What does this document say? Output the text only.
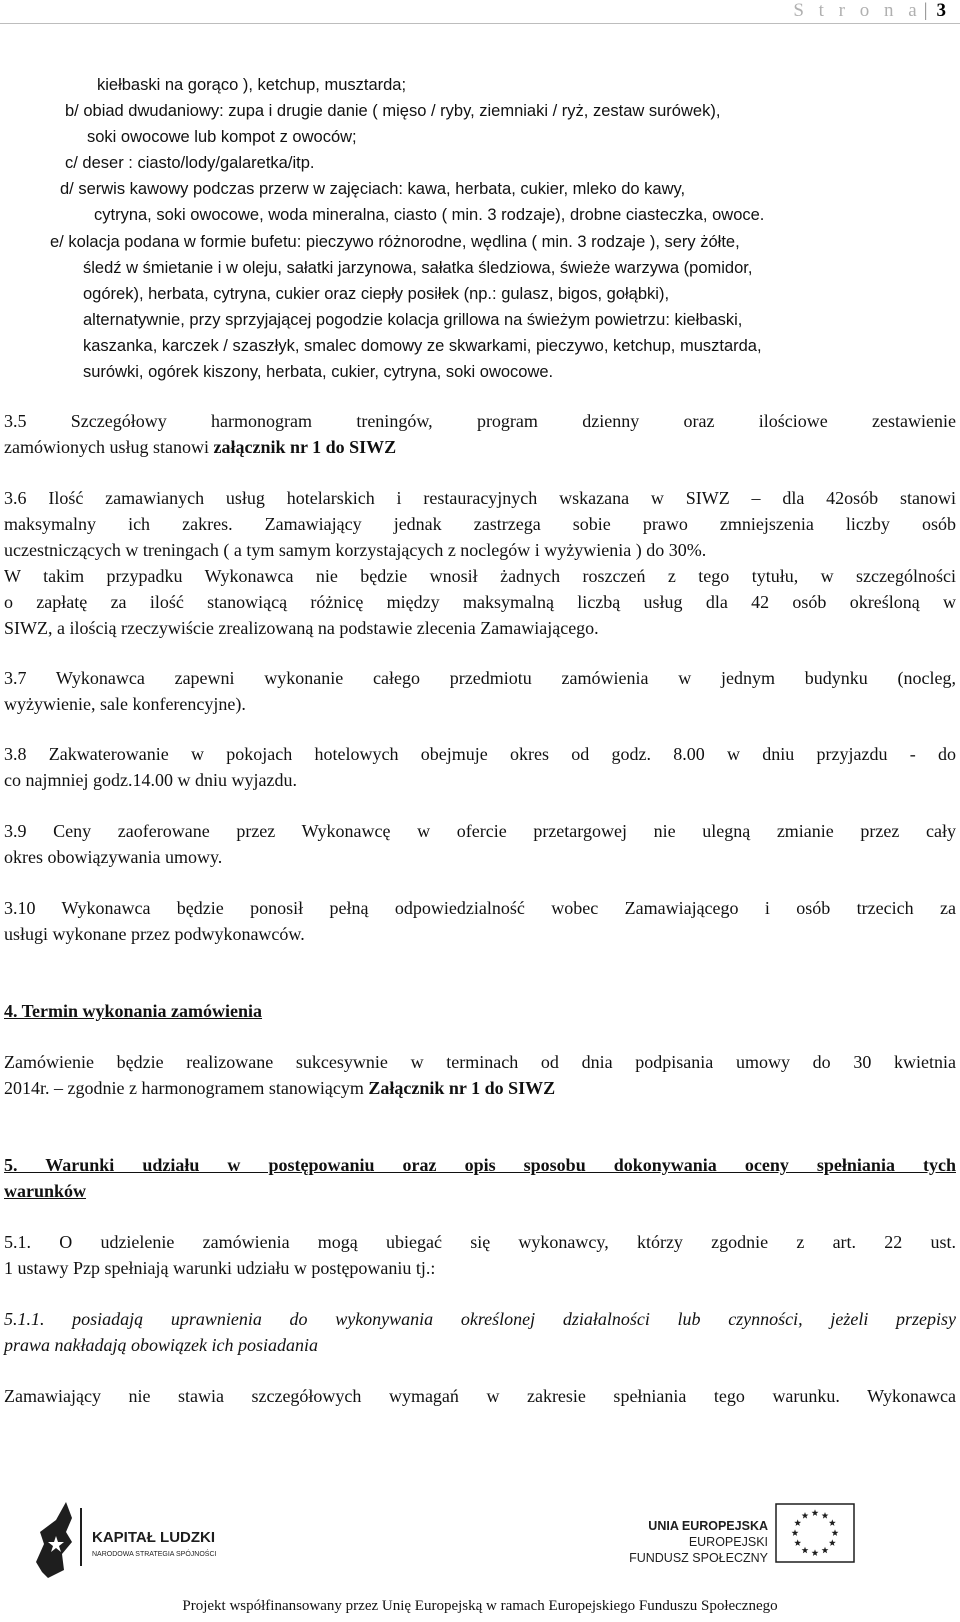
S t r o n a | 3
kiełbaski na gorąco ), ketchup, musztarda;
b/ obiad dwudaniowy: zupa i drugie danie ( mięso / ryby, ziemniaki / ryż, zestaw surówek),
soki owocowe lub kompot z owoców;
c/ deser : ciasto/lody/galaretka/itp.
d/ serwis kawowy podczas przerw w zajęciach: kawa, herbata, cukier, mleko do kawy,
cytryna, soki owocowe, woda mineralna, ciasto ( min. 3 rodzaje), drobne ciasteczka, owoce.
e/ kolacja podana w formie bufetu: pieczywo różnorodne, wędlina ( min. 3 rodzaje ), sery żółte,
śledź w śmietanie i w oleju, sałatki jarzynowa, sałatka śledziowa, świeże warzywa (pomidor,
ogórek), herbata, cytryna, cukier oraz ciepły posiłek (np.: gulasz, bigos, gołąbki),
alternatywnie, przy sprzyjającej pogodzie kolacja grillowa na świeżym powietrzu: kiełbaski,
kaszanka, karczek / szaszłyk, smalec domowy ze skwarkami, pieczywo, ketchup, musztarda,
surówki, ogórek kiszony, herbata, cukier, cytryna, soki owocowe.
3.5 Szczegółowy harmonogram treningów, program dzienny oraz ilościowe zestawienie
zamówionych usług stanowi załącznik nr 1 do SIWZ
3.6 Ilość zamawianych usług hotelarskich i restauracyjnych wskazana w SIWZ – dla 42osób stanowi
maksymalny ich zakres. Zamawiający jednak zastrzega sobie prawo zmniejszenia liczby osób
uczestniczących w treningach ( a tym samym korzystających z noclegów i wyżywienia ) do 30%.
W takim przypadku Wykonawca nie będzie wnosił żadnych roszczeń z tego tytułu, w szczególności
o zapłatę za ilość stanowiącą różnicę między maksymalną liczbą usług dla 42 osób określoną w
SIWZ, a ilością rzeczywiście zrealizowaną na podstawie zlecenia Zamawiającego.
3.7 Wykonawca zapewni wykonanie całego przedmiotu zamówienia w jednym budynku (nocleg,
wyżywienie, sale konferencyjne).
3.8 Zakwaterowanie w pokojach hotelowych obejmuje okres od godz. 8.00 w dniu przyjazdu - do
co najmniej godz.14.00 w dniu wyjazdu.
3.9 Ceny zaoferowane przez Wykonawcę w ofercie przetargowej nie ulegną zmianie przez cały
okres obowiązywania umowy.
3.10 Wykonawca będzie ponosił pełną odpowiedzialność wobec Zamawiającego i osób trzecich za
usługi wykonane przez podwykonawców.
4. Termin wykonania zamówienia
Zamówienie będzie realizowane sukcesywnie w terminach od dnia podpisania umowy do 30 kwietnia
2014r. – zgodnie z harmonogramem stanowiącym Załącznik nr 1 do SIWZ
5. Warunki udziału w postępowaniu oraz opis sposobu dokonywania oceny spełniania tych
warunków
5.1. O udzielenie zamówienia mogą ubiegać się wykonawcy, którzy zgodnie z art. 22 ust.
1 ustawy Pzp spełniają warunki udziału w postępowaniu tj.:
5.1.1. posiadają uprawnienia do wykonywania określonej działalności lub czynności, jeżeli przepisy
prawa nakładają obowiązek ich posiadania
Zamawiający nie stawia szczegółowych wymagań w zakresie spełniania tego warunku. Wykonawca
KAPITAŁ LUDZKI
NARODOWA STRATEGIA SPÓJNOŚCI
UNIA EUROPEJSKA
EUROPEJSKI
FUNDUSZ SPOŁECZNY
Projekt współfinansowany przez Unię Europejską w ramach Europejskiego Funduszu Społecznego
